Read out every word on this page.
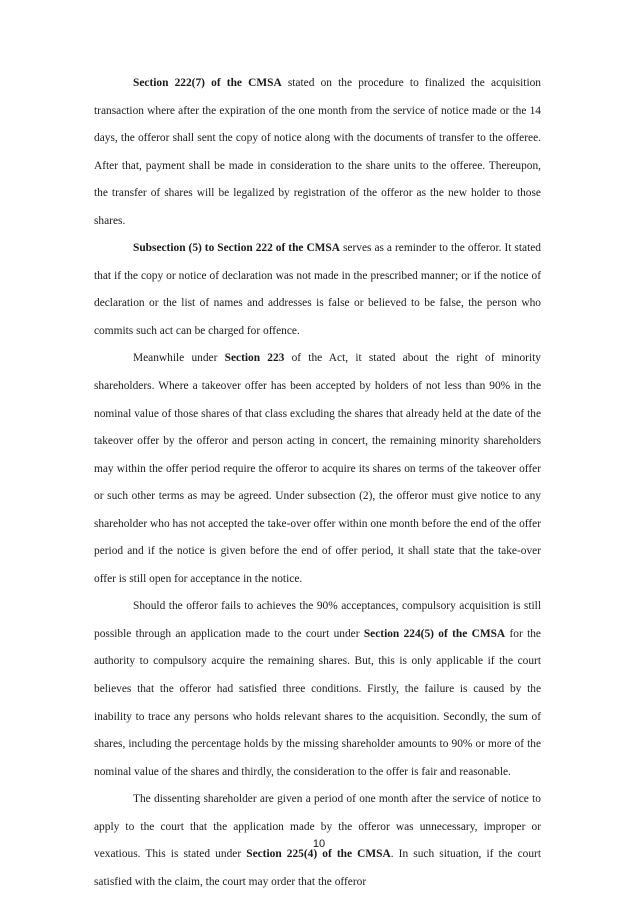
Section 222(7) of the CMSA stated on the procedure to finalized the acquisition transaction where after the expiration of the one month from the service of notice made or the 14 days, the offeror shall sent the copy of notice along with the documents of transfer to the offeree. After that, payment shall be made in consideration to the share units to the offeree. Thereupon, the transfer of shares will be legalized by registration of the offeror as the new holder to those shares.

Subsection (5) to Section 222 of the CMSA serves as a reminder to the offeror. It stated that if the copy or notice of declaration was not made in the prescribed manner; or if the notice of declaration or the list of names and addresses is false or believed to be false, the person who commits such act can be charged for offence.

Meanwhile under Section 223 of the Act, it stated about the right of minority shareholders. Where a takeover offer has been accepted by holders of not less than 90% in the nominal value of those shares of that class excluding the shares that already held at the date of the takeover offer by the offeror and person acting in concert, the remaining minority shareholders may within the offer period require the offeror to acquire its shares on terms of the takeover offer or such other terms as may be agreed. Under subsection (2), the offeror must give notice to any shareholder who has not accepted the take-over offer within one month before the end of the offer period and if the notice is given before the end of offer period, it shall state that the take-over offer is still open for acceptance in the notice.

Should the offeror fails to achieves the 90% acceptances, compulsory acquisition is still possible through an application made to the court under Section 224(5) of the CMSA for the authority to compulsory acquire the remaining shares. But, this is only applicable if the court believes that the offeror had satisfied three conditions. Firstly, the failure is caused by the inability to trace any persons who holds relevant shares to the acquisition. Secondly, the sum of shares, including the percentage holds by the missing shareholder amounts to 90% or more of the nominal value of the shares and thirdly, the consideration to the offer is fair and reasonable.

The dissenting shareholder are given a period of one month after the service of notice to apply to the court that the application made by the offeror was unnecessary, improper or vexatious. This is stated under Section 225(4) of the CMSA. In such situation, if the court satisfied with the claim, the court may order that the offeror

10
